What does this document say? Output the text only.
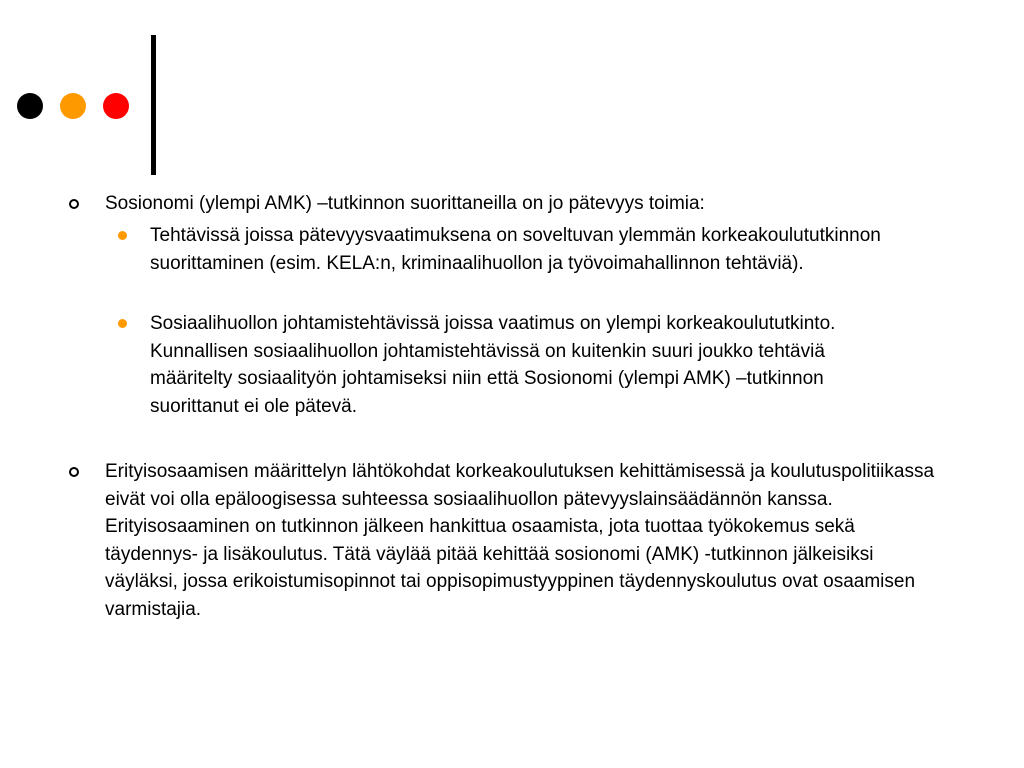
Sosionomi (ylempi AMK) –tutkinnon suorittaneilla on jo pätevyys toimia:
Tehtävissä joissa pätevyysvaatimuksena on soveltuvan ylemmän korkeakoulututkinnon suorittaminen (esim. KELA:n, kriminaalihuollon ja työvoimahallinnon tehtäviä).
Sosiaalihuollon johtamistehtävissä joissa vaatimus on ylempi korkeakoulututkinto. Kunnallisen sosiaalihuollon johtamistehtävissä on kuitenkin suuri joukko tehtäviä määritelty sosiaalityön johtamiseksi niin että Sosionomi (ylempi AMK) –tutkinnon suorittanut ei ole pätevä.
Erityisosaamisen määrittelyn lähtökohdat korkeakoulutuksen kehittämisessä ja koulutuspolitiikassa eivät voi olla epäloogisessa suhteessa sosiaalihuollon pätevyyslainsäädännön kanssa. Erityisosaaminen on tutkinnon jälkeen hankittua osaamista, jota tuottaa työkokemus sekä täydennys- ja lisäkoulutus. Tätä väylää pitää kehittää sosionomi (AMK) -tutkinnon jälkeisiksi väyläksi, jossa erikoistumisopinnot tai oppisopimustyyppinen täydennyskoulutus ovat osaamisen varmistajia.
